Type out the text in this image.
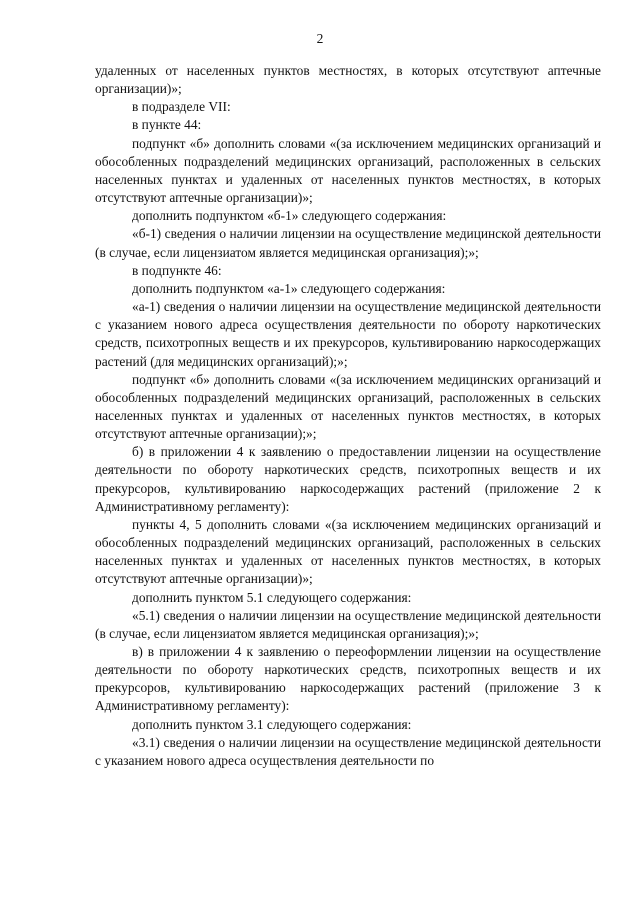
2

удаленных от населенных пунктов местностях, в которых отсутствуют аптечные организации)»;

в подразделе VII:

в пункте 44:

подпункт «б» дополнить словами «(за исключением медицинских организаций и обособленных подразделений медицинских организаций, расположенных в сельских населенных пунктах и удаленных от населенных пунктов местностях, в которых отсутствуют аптечные организации)»;

дополнить подпунктом «б-1» следующего содержания:

«б-1) сведения о наличии лицензии на осуществление медицинской деятельности (в случае, если лицензиатом является медицинская организация);»;

в подпункте 46:

дополнить подпунктом «а-1» следующего содержания:

«а-1) сведения о наличии лицензии на осуществление медицинской деятельности с указанием нового адреса осуществления деятельности по обороту наркотических средств, психотропных веществ и их прекурсоров, культивированию наркосодержащих растений (для медицинских организаций);»;

подпункт «б» дополнить словами «(за исключением медицинских организаций и обособленных подразделений медицинских организаций, расположенных в сельских населенных пунктах и удаленных от населенных пунктов местностях, в которых отсутствуют аптечные организации);»;

б) в приложении 4 к заявлению о предоставлении лицензии на осуществление деятельности по обороту наркотических средств, психотропных веществ и их прекурсоров, культивированию наркосодержащих растений (приложение 2 к Административному регламенту):

пункты 4, 5 дополнить словами «(за исключением медицинских организаций и обособленных подразделений медицинских организаций, расположенных в сельских населенных пунктах и удаленных от населенных пунктов местностях, в которых отсутствуют аптечные организации)»;

дополнить пунктом 5.1 следующего содержания:

«5.1) сведения о наличии лицензии на осуществление медицинской деятельности (в случае, если лицензиатом является медицинская организация);»;

в) в приложении 4 к заявлению о переоформлении лицензии на осуществление деятельности по обороту наркотических средств, психотропных веществ и их прекурсоров, культивированию наркосодержащих растений (приложение 3 к Административному регламенту):

дополнить пунктом 3.1 следующего содержания:

«3.1) сведения о наличии лицензии на осуществление медицинской деятельности с указанием нового адреса осуществления деятельности по
